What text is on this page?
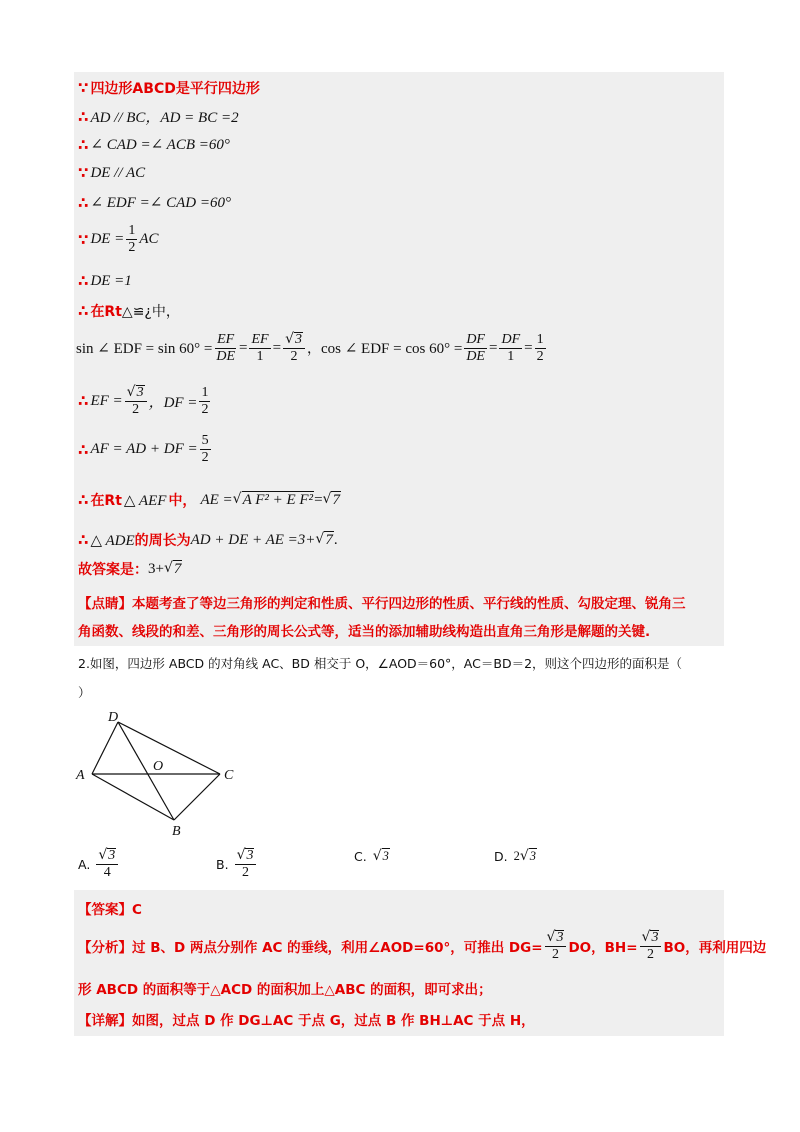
∵ 四边形ABCD是平行四边形
∴ AD // BC，AD = BC =2
∴ ∠ CAD =∠ ACB =60°
∵ DE // AC
∴ ∠ EDF =∠ CAD =60°
∵ DE = $\frac{1}{2}$ AC
∴ DE =1
∴ 在Rt △≌¿中，
sin ∠ EDF = $\sin 60^\circ = \frac{EF}{DE} = \frac{EF}{1} = \frac{√ 3}{2}$ ， cos ∠ EDF = $\cos 60^\circ = \frac{DF}{DE} = \frac{DF}{1} = \frac{1}{2}$
∴ EF = $\frac{√ 3}{2}$ ，DF = $\frac{1}{2}$
∴ AF = AD + DF = $\frac{5}{2}$
∴ 在Rt △ AEF 中， AE = √ A F² + E F² = √ 7
∴ △ ADE 的周长为 AD + DE + AE =3+ √ 7 .
故答案是： 3+ √ 7
【点睛】本题考查了等边三角形的判定和性质、平行四边形的性质、平行线的性质、勾股定理、锐角三
角函数、线段的和差、三角形的周长公式等，适当的添加辅助线构造出直角三角形是解题的关键.
2.如图，四边形 ABCD 的对角线 AC、BD 相交于 O，∠AOD＝60°，AC＝BD＝2，则这个四边形的面积是（
）
A
D
O
C
B
A. $\frac{√ 3}{4}$	B. $\frac{√ 3}{2}$	C. √ 3	D. 2 √ 3
【答案】C
【分析】过 B、D 两点分别作 AC 的垂线，利用∠AOD=60°，可推出 $DG= \frac{√ 3}{2}$ DO，$BH= \frac{√ 3}{2}$ BO，再利用四边
形 ABCD 的面积等于△ACD 的面积加上△ABC 的面积，即可求出；
【详解】如图，过点 D 作 DG⊥AC 于点 G，过点 B 作 BH⊥AC 于点 H，
